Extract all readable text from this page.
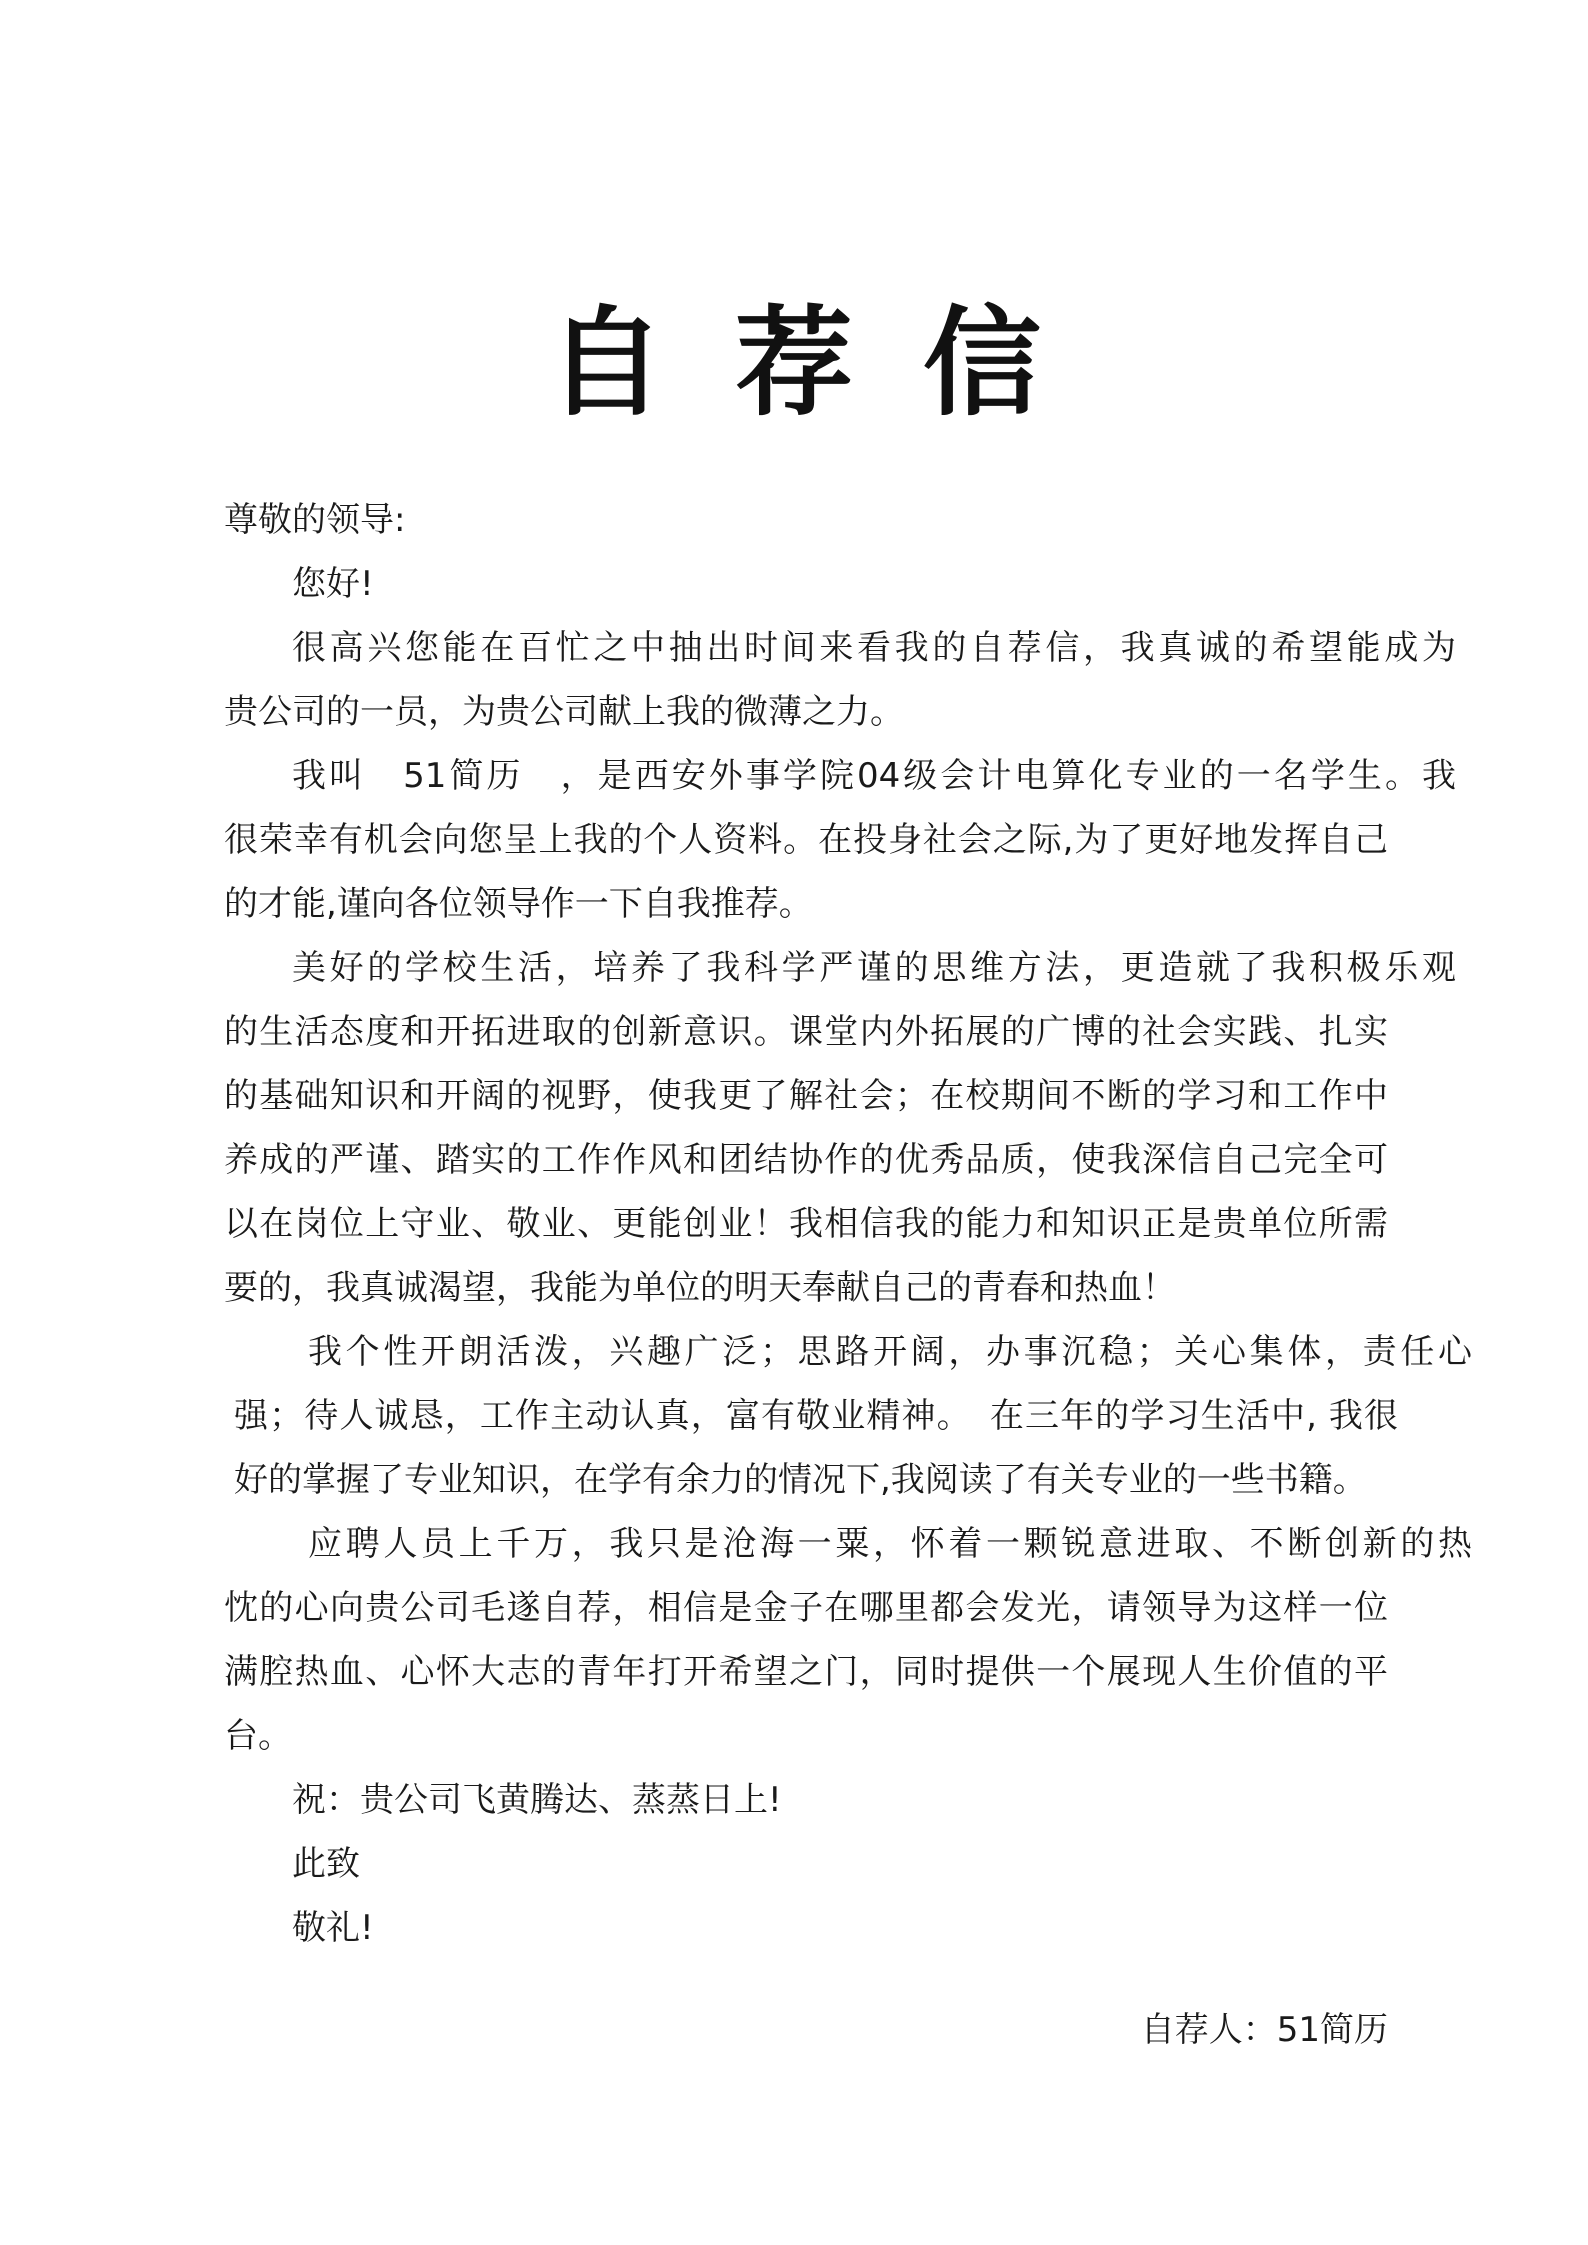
自荐信
尊敬的领导:
您好!
很高兴您能在百忙之中抽出时间来看我的自荐信，我真诚的希望能成为
贵公司的一员，为贵公司献上我的微薄之力。
我叫　51简历　，是西安外事学院04级会计电算化专业的一名学生。我
很荣幸有机会向您呈上我的个人资料。在投身社会之际,为了更好地发挥自己
的才能,谨向各位领导作一下自我推荐。
美好的学校生活，培养了我科学严谨的思维方法，更造就了我积极乐观
的生活态度和开拓进取的创新意识。课堂内外拓展的广博的社会实践、扎实
的基础知识和开阔的视野，使我更了解社会；在校期间不断的学习和工作中
养成的严谨、踏实的工作作风和团结协作的优秀品质，使我深信自己完全可
以在岗位上守业、敬业、更能创业！我相信我的能力和知识正是贵单位所需
要的，我真诚渴望，我能为单位的明天奉献自己的青春和热血！
我个性开朗活泼，兴趣广泛；思路开阔，办事沉稳；关心集体，责任心
强；待人诚恳，工作主动认真，富有敬业精神。　在三年的学习生活中, 我很
好的掌握了专业知识，在学有余力的情况下,我阅读了有关专业的一些书籍。
应聘人员上千万，我只是沧海一粟，怀着一颗锐意进取、不断创新的热
忱的心向贵公司毛遂自荐，相信是金子在哪里都会发光，请领导为这样一位
满腔热血、心怀大志的青年打开希望之门，同时提供一个展现人生价值的平
台。
祝：贵公司飞黄腾达、蒸蒸日上!
此致
敬礼!
自荐人：51简历
